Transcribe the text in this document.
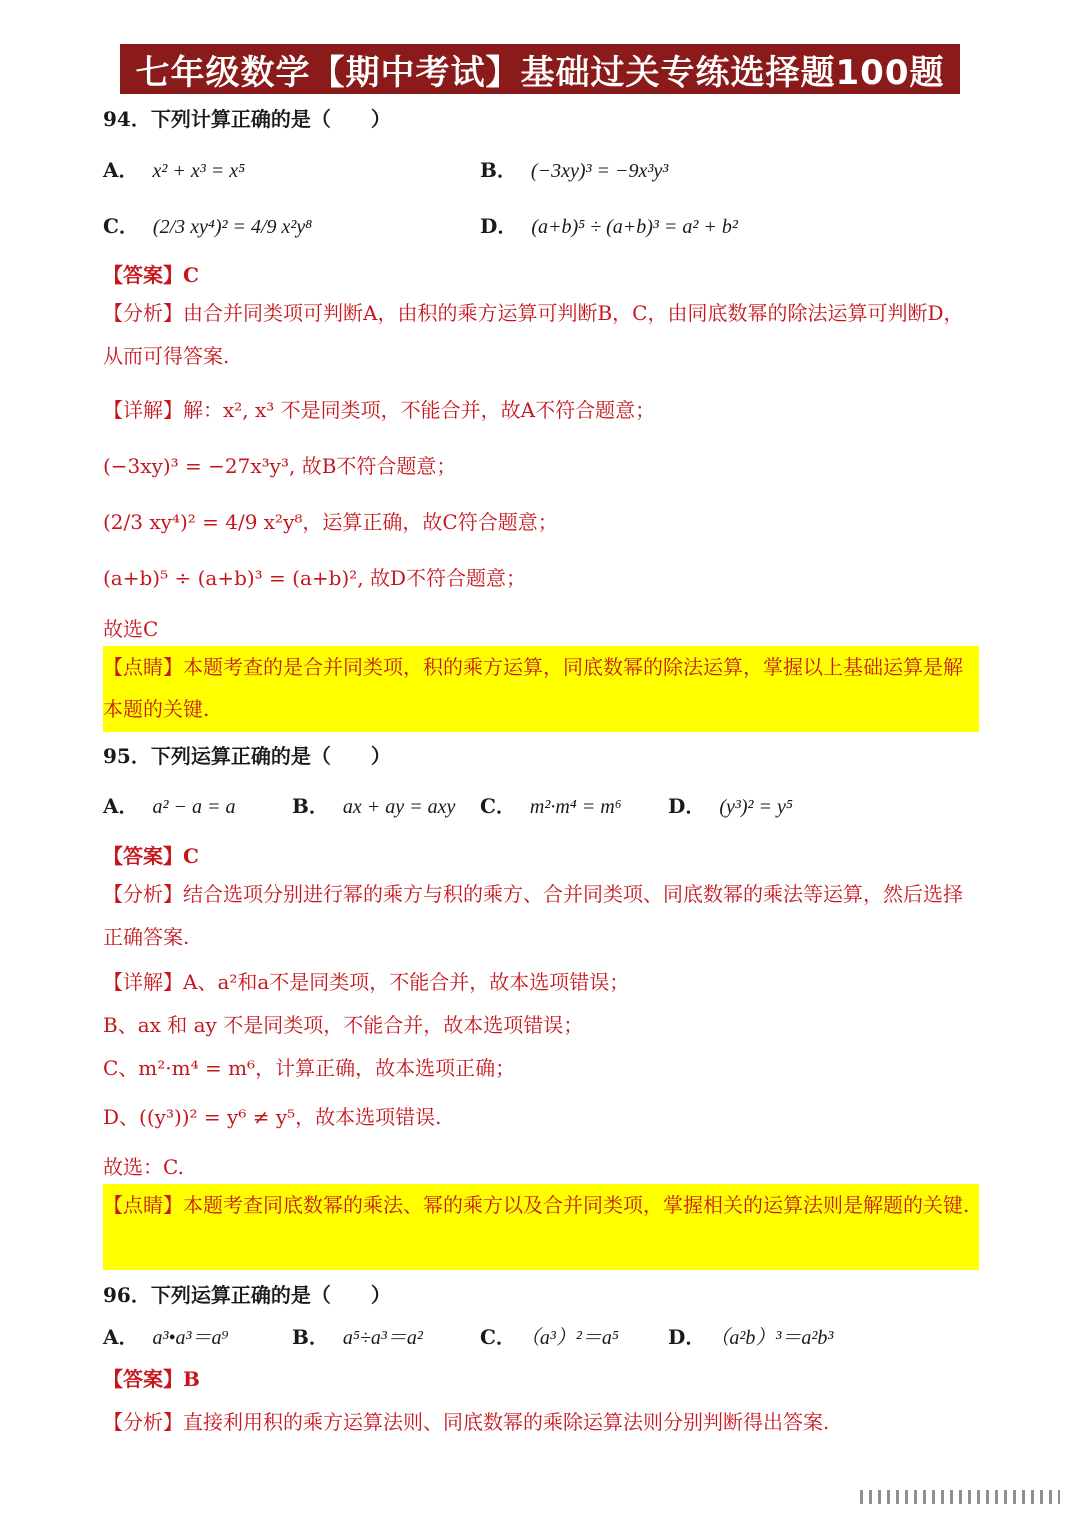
七年级数学【期中考试】基础过关专练选择题100题
94．下列计算正确的是（　　）
A． x² + x³ = x⁵	B． (−3xy)³ = −9x³y³
C． (2/3 xy⁴)² = 4/9 x²y⁸	D． (a+b)⁵ ÷ (a+b)³ = a² + b²
【答案】C
【分析】由合并同类项可判断A，由积的乘方运算可判断B，C，由同底数幂的除法运算可判断D，从而可得答案.
【详解】解：x², x³ 不是同类项，不能合并，故A不符合题意；
(−3xy)³ = −27x³y³, 故B不符合题意；
(2/3 xy⁴)² = 4/9 x²y⁸，运算正确，故C符合题意；
(a+b)⁵ ÷ (a+b)³ = (a+b)², 故D不符合题意；
故选C
【点睛】本题考查的是合并同类项，积的乘方运算，同底数幂的除法运算，掌握以上基础运算是解本题的关键.
95．下列运算正确的是（　　）
A． a² − a = a	B． ax + ay = axy C． m²·m⁴ = m⁶ D． (y³)² = y⁵
【答案】C
【分析】结合选项分别进行幂的乘方与积的乘方、合并同类项、同底数幂的乘法等运算，然后选择正确答案.
【详解】A、a²和a不是同类项，不能合并，故本选项错误；
B、ax 和 ay 不是同类项，不能合并，故本选项错误；
C、m²·m⁴ = m⁶，计算正确，故本选项正确；
D、((y³))² = y⁶ ≠ y⁵，故本选项错误.
故选：C.
【点睛】本题考查同底数幂的乘法、幂的乘方以及合并同类项，掌握相关的运算法则是解题的关键.
96．下列运算正确的是（　　）
A． a³•a³＝a⁹	B． a⁵÷a³＝a²	C． （a³）²＝a⁵ D． （a²b）³＝a²b³
【答案】B
【分析】直接利用积的乘方运算法则、同底数幂的乘除运算法则分别判断得出答案.
